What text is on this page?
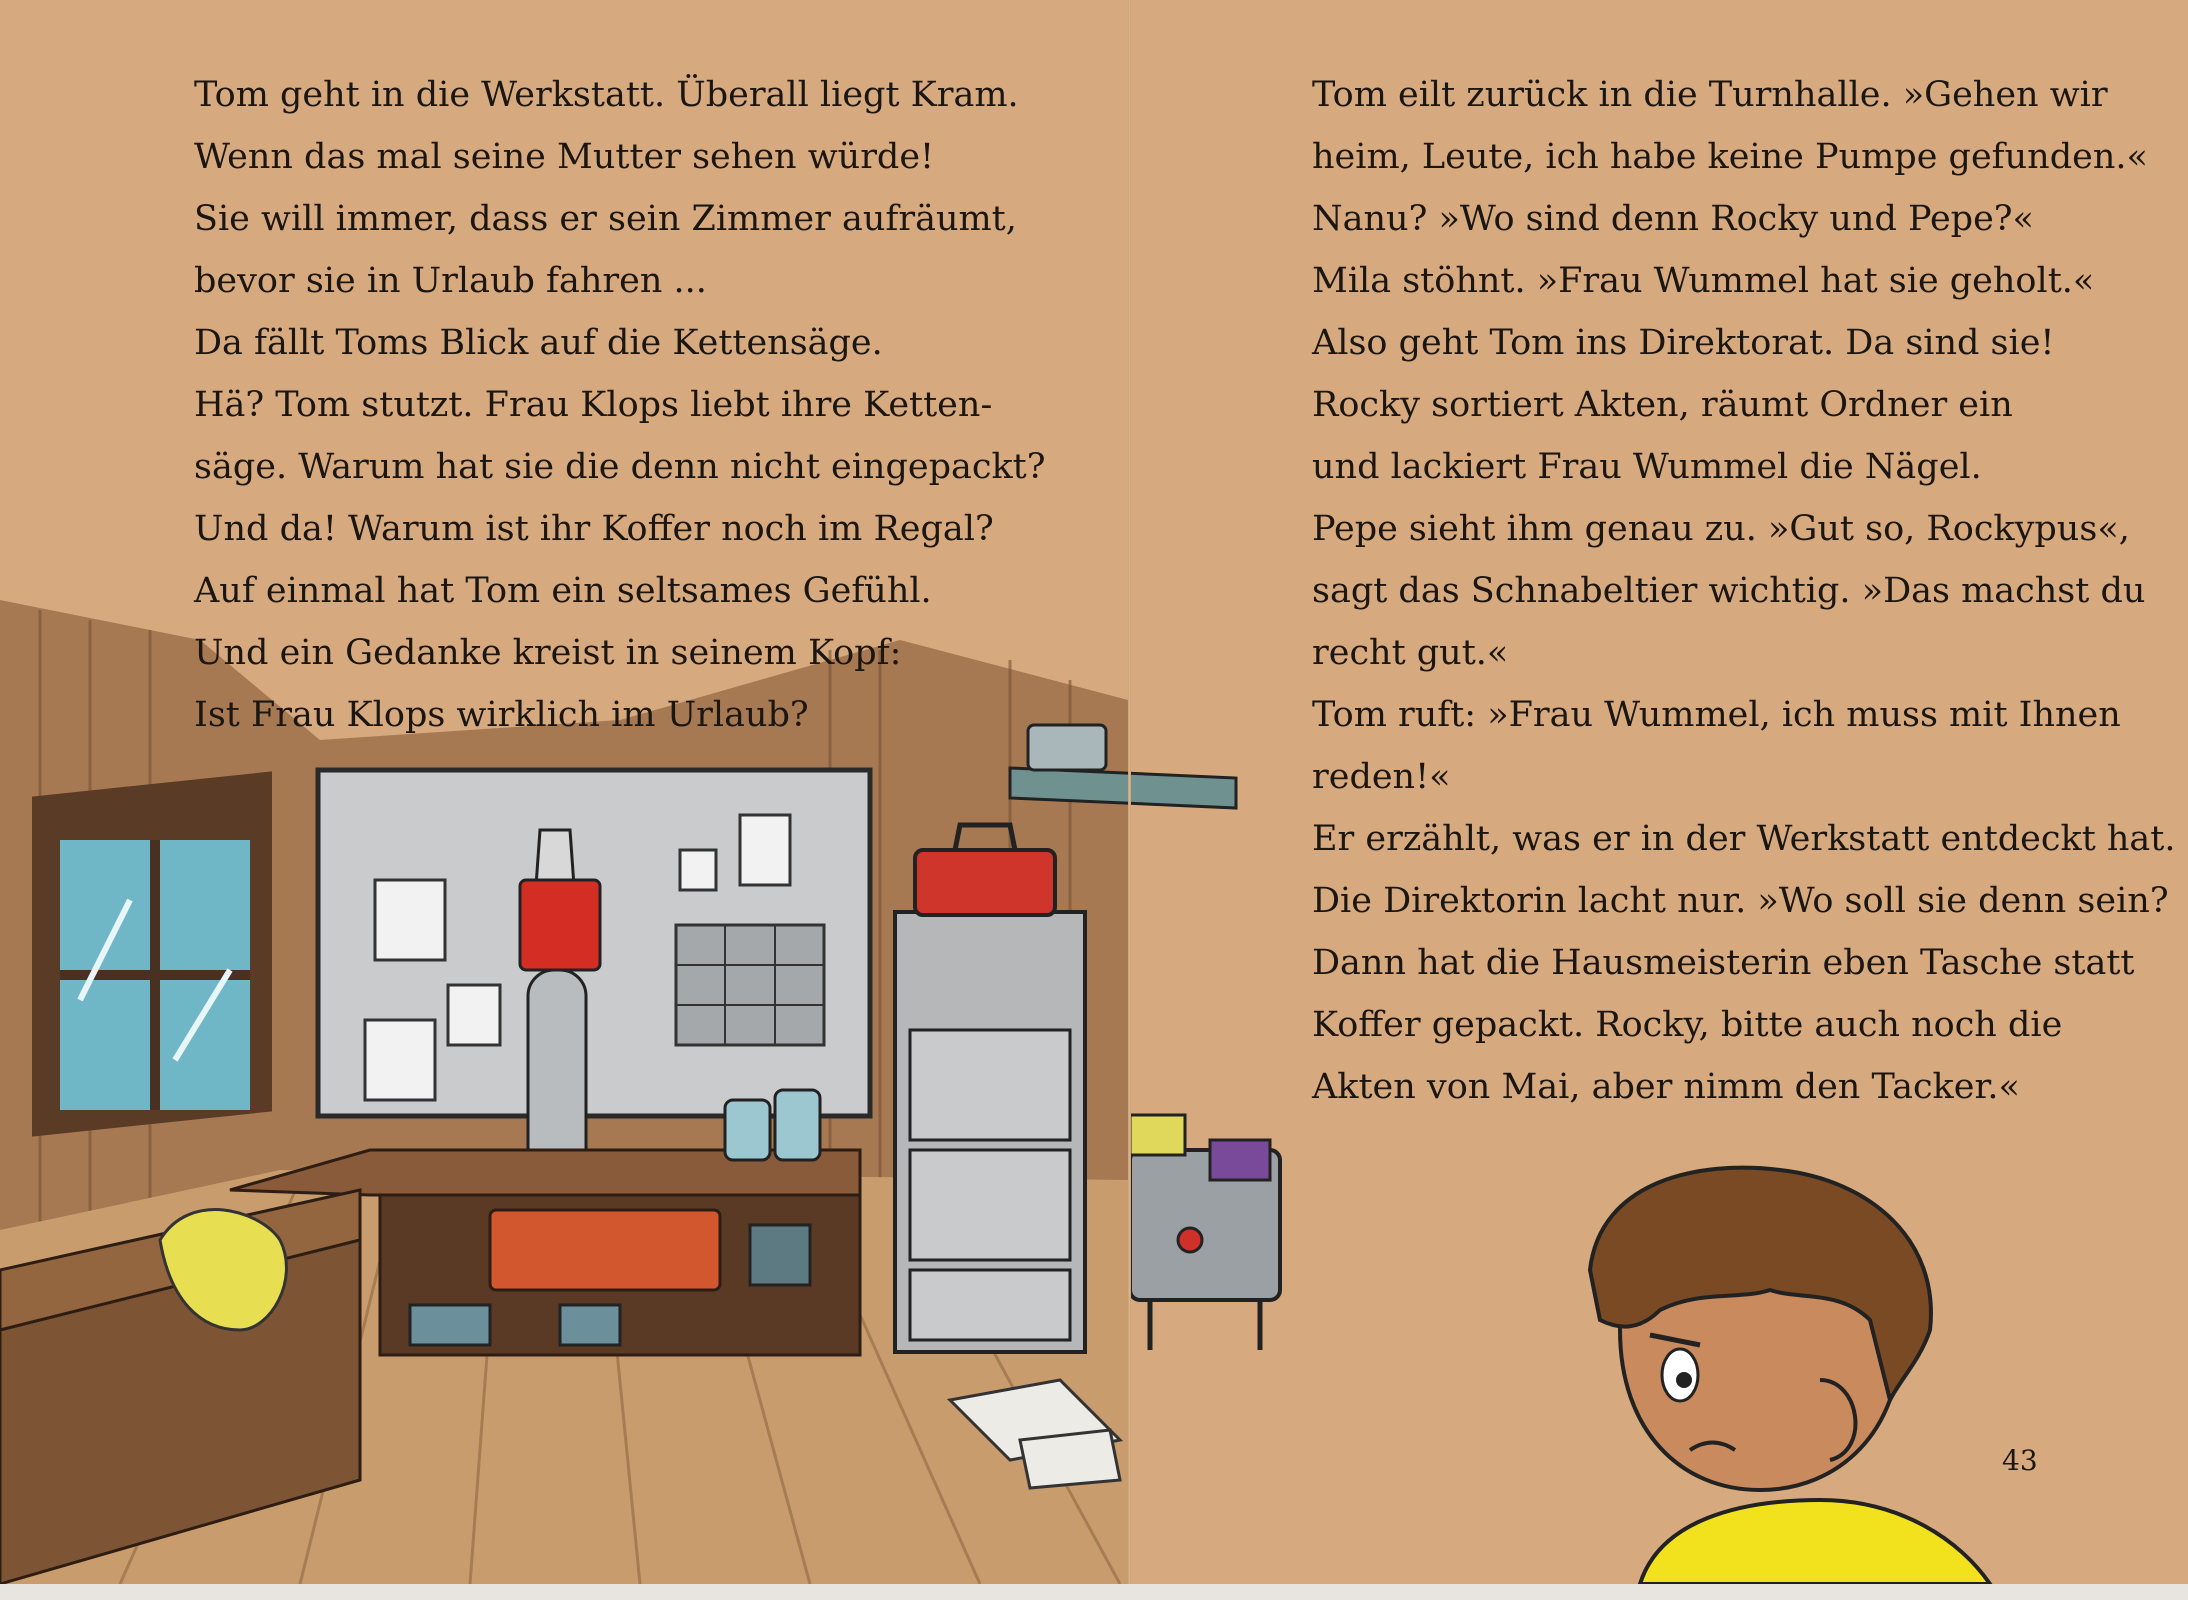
Tom geht in die Werkstatt. Überall liegt Kram.
Wenn das mal seine Mutter sehen würde!
Sie will immer, dass er sein Zimmer aufräumt,
bevor sie in Urlaub fahren ...
Da fällt Toms Blick auf die Kettensäge.
Hä? Tom stutzt. Frau Klops liebt ihre Ketten-
säge. Warum hat sie die denn nicht eingepackt?
Und da! Warum ist ihr Koffer noch im Regal?
Auf einmal hat Tom ein seltsames Gefühl.
Und ein Gedanke kreist in seinem Kopf:
Ist Frau Klops wirklich im Urlaub?
Tom eilt zurück in die Turnhalle. »Gehen wir
heim, Leute, ich habe keine Pumpe gefunden.«
Nanu? »Wo sind denn Rocky und Pepe?«
Mila stöhnt. »Frau Wummel hat sie geholt.«
Also geht Tom ins Direktorat. Da sind sie!
Rocky sortiert Akten, räumt Ordner ein
und lackiert Frau Wummel die Nägel.
Pepe sieht ihm genau zu. »Gut so, Rockypus«,
sagt das Schnabeltier wichtig. »Das machst du
recht gut.«
Tom ruft: »Frau Wummel, ich muss mit Ihnen
reden!«
Er erzählt, was er in der Werkstatt entdeckt hat.
Die Direktorin lacht nur. »Wo soll sie denn sein?
Dann hat die Hausmeisterin eben Tasche statt
Koffer gepackt. Rocky, bitte auch noch die
Akten von Mai, aber nimm den Tacker.«
43
